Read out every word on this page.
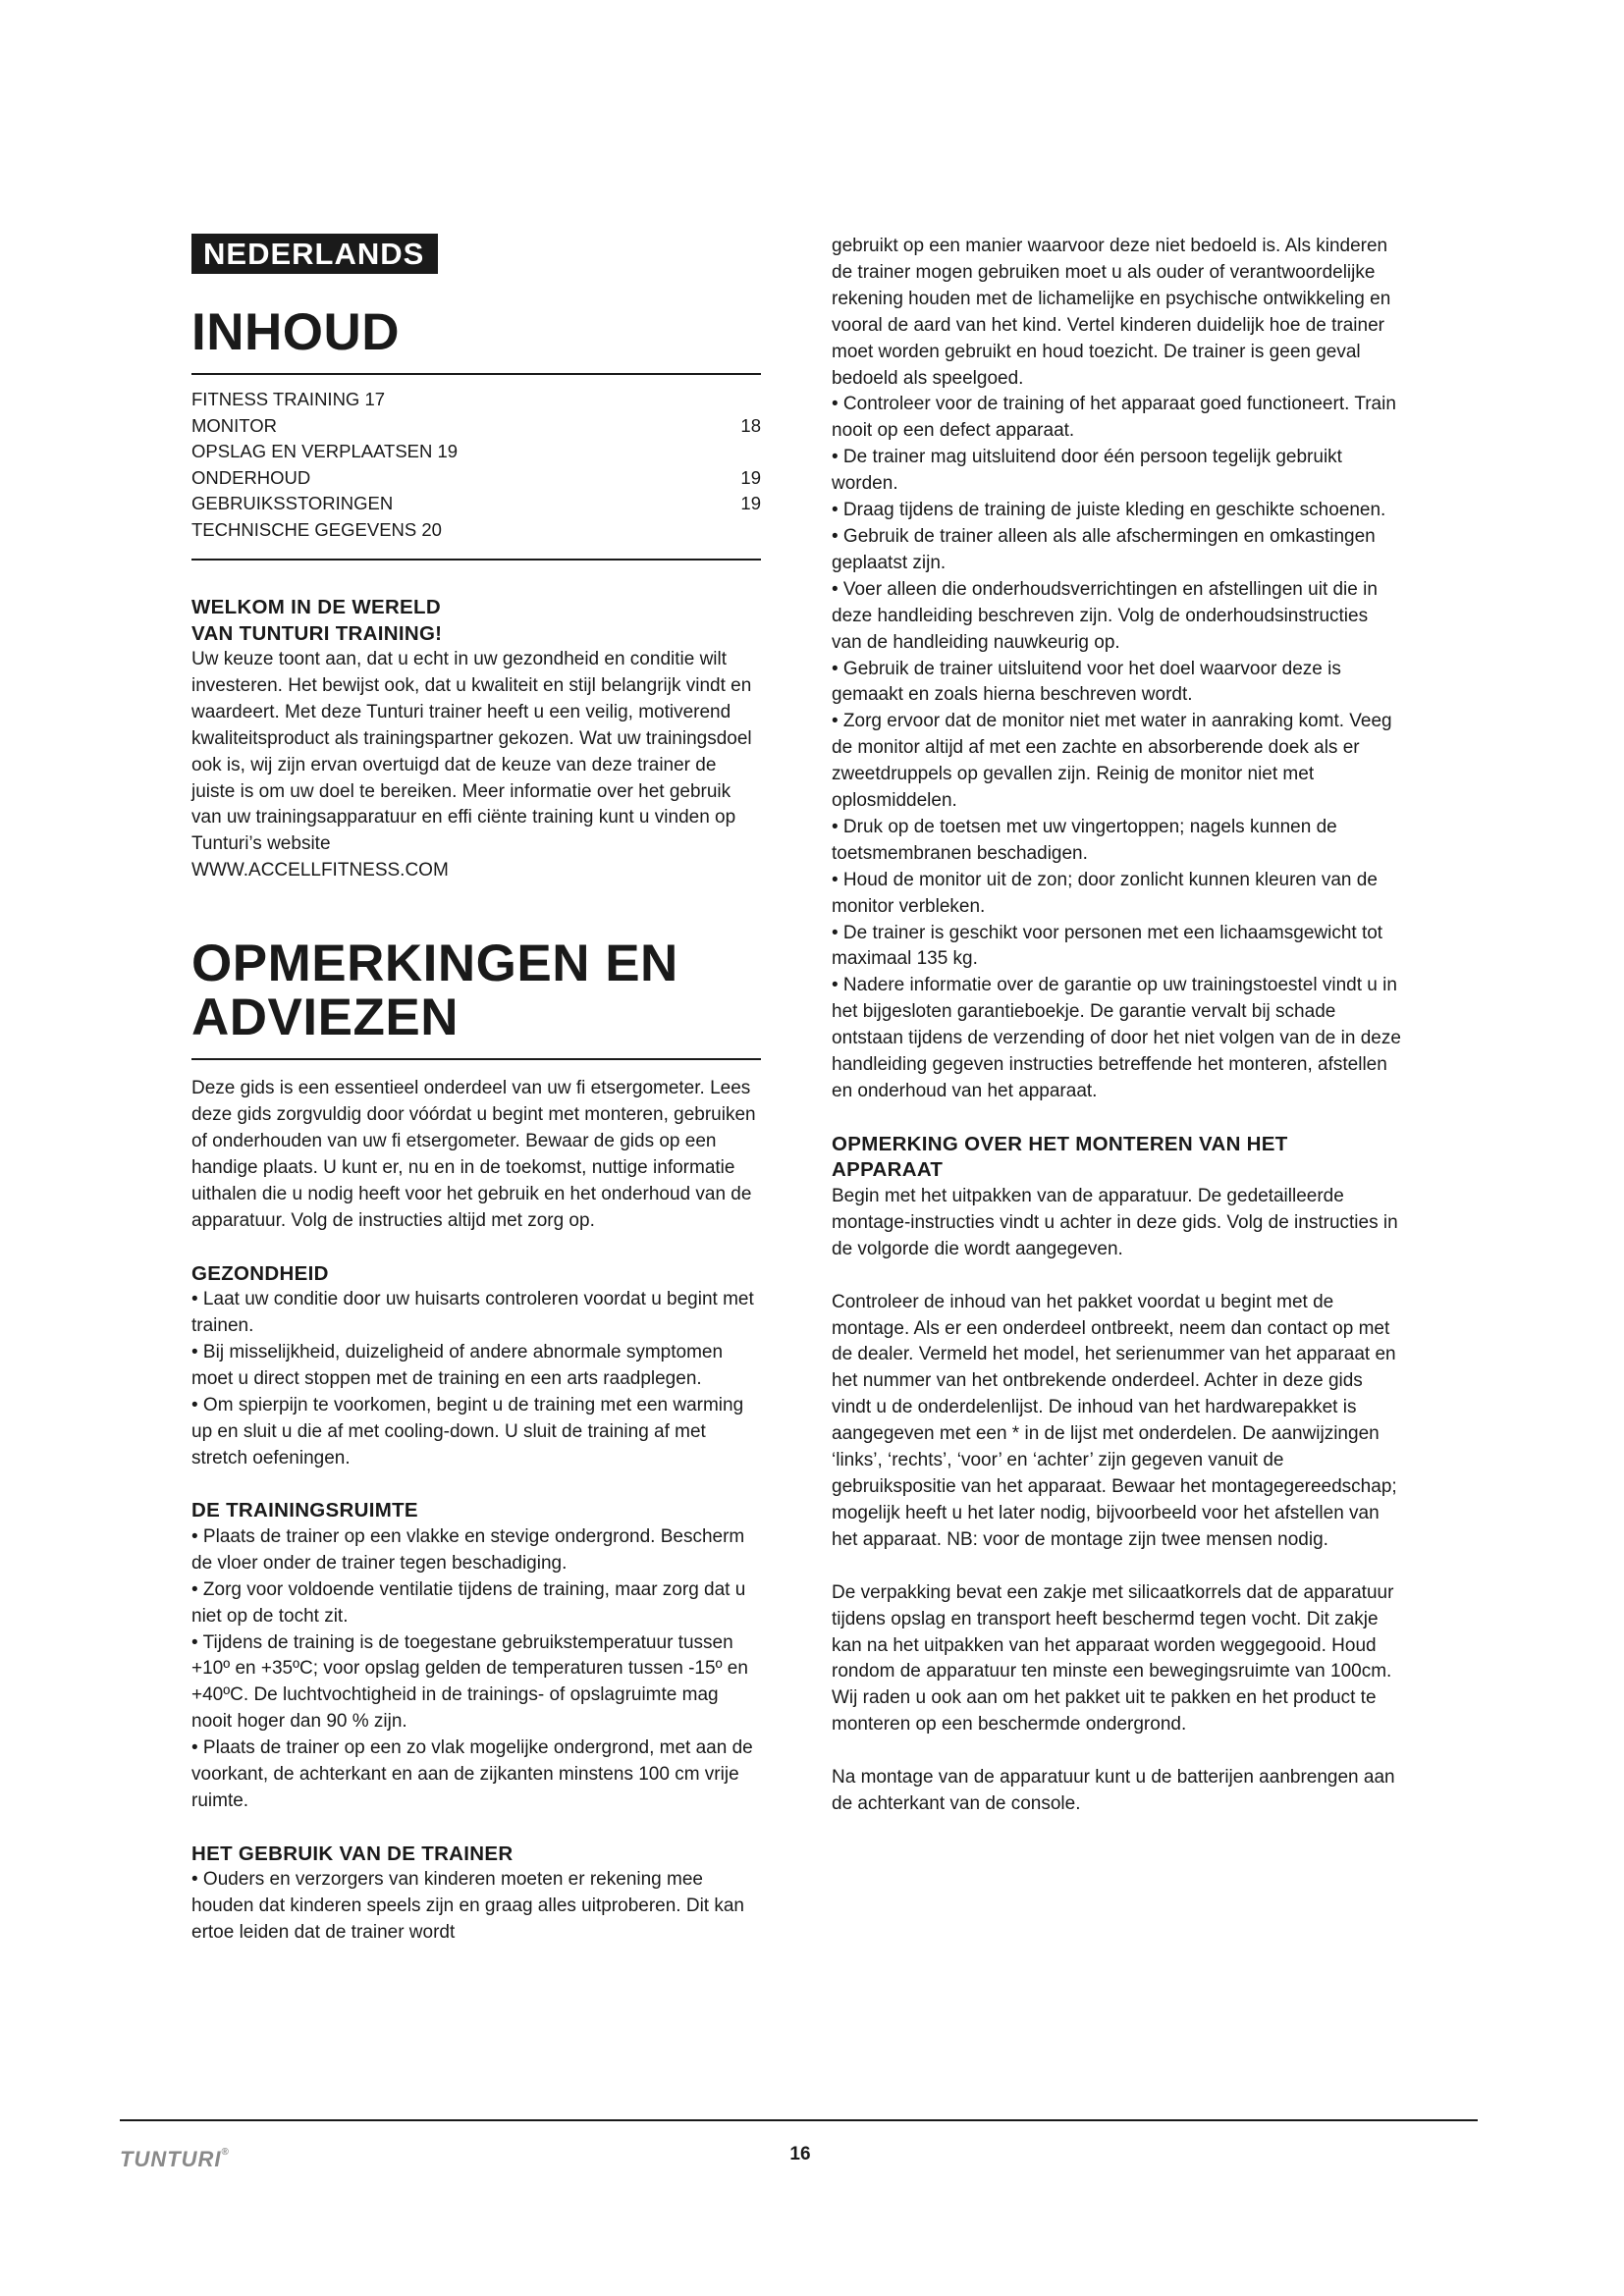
NEDERLANDS
INHOUD
FITNESS TRAINING 17
MONITOR	18
OPSLAG EN VERPLAATSEN 19
ONDERHOUD	19
GEBRUIKSSTORINGEN	19
TECHNISCHE GEGEVENS 20
WELKOM IN DE WERELD
VAN TUNTURI TRAINING!

Uw keuze toont aan, dat u echt in uw gezondheid en conditie wilt investeren. Het bewijst ook, dat u kwaliteit en stijl belangrijk vindt en waardeert. Met deze Tunturi trainer heeft u een veilig, motiverend kwaliteitsproduct als trainingspartner gekozen. Wat uw trainingsdoel ook is, wij zijn ervan overtuigd dat de keuze van deze trainer de juiste is om uw doel te bereiken. Meer informatie over het gebruik van uw trainingsapparatuur en effi ciënte training kunt u vinden op Tunturi’s website

WWW.ACCELLFITNESS.COM

OPMERKINGEN EN
ADVIEZEN

Deze gids is een essentieel onderdeel van uw fi etsergometer. Lees deze gids zorgvuldig door vóórdat u begint met monteren, gebruiken of onderhouden van uw fi etsergometer. Bewaar de gids op een handige plaats. U kunt er, nu en in de toekomst, nuttige informatie uithalen die u nodig heeft voor het gebruik en het onderhoud van de apparatuur. Volg de instructies altijd met zorg op.

GEZONDHEID

• Laat uw conditie door uw huisarts controleren voordat u begint met trainen.

• Bij misselijkheid, duizeligheid of andere abnormale symptomen moet u direct stoppen met de training en een arts raadplegen.

• Om spierpijn te voorkomen, begint u de training met een warming up en sluit u die af met cooling-down. U sluit de training af met stretch oefeningen.

DE TRAININGSRUIMTE

• Plaats de trainer op een vlakke en stevige ondergrond. Bescherm de vloer onder de trainer tegen beschadiging.

• Zorg voor voldoende ventilatie tijdens de training, maar zorg dat u niet op de tocht zit.

• Tijdens de training is de toegestane gebruikstemperatuur tussen +10º en +35ºC; voor opslag gelden de temperaturen tussen -15º en +40ºC. De luchtvochtigheid in de trainings- of opslagruimte mag nooit hoger dan 90 % zijn.

• Plaats de trainer op een zo vlak mogelijke ondergrond, met aan de voorkant, de achterkant en aan de zijkanten minstens 100 cm vrije ruimte.

HET GEBRUIK VAN DE TRAINER

• Ouders en verzorgers van kinderen moeten er rekening mee houden dat kinderen speels zijn en graag alles uitproberen. Dit kan ertoe leiden dat de trainer wordt

gebruikt op een manier waarvoor deze niet bedoeld is. Als kinderen de trainer mogen gebruiken moet u als ouder of verantwoordelijke rekening houden met de lichamelijke en psychische ontwikkeling en vooral de aard van het kind. Vertel kinderen duidelijk hoe de trainer moet worden gebruikt en houd toezicht. De trainer is geen geval bedoeld als speelgoed.

• Controleer voor de training of het apparaat goed functioneert. Train nooit op een defect apparaat.

• De trainer mag uitsluitend door één persoon tegelijk gebruikt worden.

• Draag tijdens de training de juiste kleding en geschikte schoenen.

• Gebruik de trainer alleen als alle afschermingen en omkastingen geplaatst zijn.

• Voer alleen die onderhoudsverrichtingen en afstellingen uit die in deze handleiding beschreven zijn. Volg de onderhoudsinstructies van de handleiding nauwkeurig op.

• Gebruik de trainer uitsluitend voor het doel waarvoor deze is gemaakt en zoals hierna beschreven wordt.

• Zorg ervoor dat de monitor niet met water in aanraking komt. Veeg de monitor altijd af met een zachte en absorberende doek als er zweetdruppels op gevallen zijn. Reinig de monitor niet met oplosmiddelen.

• Druk op de toetsen met uw vingertoppen; nagels kunnen de toetsmembranen beschadigen.

• Houd de monitor uit de zon; door zonlicht kunnen kleuren van de monitor verbleken.

• De trainer is geschikt voor personen met een lichaamsgewicht tot maximaal 135 kg.

• Nadere informatie over de garantie op uw trainingstoestel vindt u in het bijgesloten garantieboekje. De garantie vervalt bij schade ontstaan tijdens de verzending of door het niet volgen van de in deze handleiding gegeven instructies betreffende het monteren, afstellen en onderhoud van het apparaat.

OPMERKING OVER HET MONTEREN VAN HET
APPARAAT

Begin met het uitpakken van de apparatuur. De gedetailleerde montage-instructies vindt u achter in deze gids. Volg de instructies in de volgorde die wordt aangegeven.

Controleer de inhoud van het pakket voordat u begint met de montage. Als er een onderdeel ontbreekt, neem dan contact op met de dealer. Vermeld het model, het serienummer van het apparaat en het nummer van het ontbrekende onderdeel. Achter in deze gids vindt u de onderdelenlijst. De inhoud van het hardwarepakket is aangegeven met een * in de lijst met onderdelen. De aanwijzingen ‘links’, ‘rechts’, ‘voor’ en ‘achter’ zijn gegeven vanuit de gebruikspositie van het apparaat. Bewaar het montagegereedschap; mogelijk heeft u het later nodig, bijvoorbeeld voor het afstellen van het apparaat. NB: voor de montage zijn twee mensen nodig.

De verpakking bevat een zakje met silicaatkorrels dat de apparatuur tijdens opslag en transport heeft beschermd tegen vocht. Dit zakje kan na het uitpakken van het apparaat worden weggegooid. Houd rondom de apparatuur ten minste een bewegingsruimte van 100cm. Wij raden u ook aan om het pakket uit te pakken en het product te monteren op een beschermde ondergrond.

Na montage van de apparatuur kunt u de batterijen aanbrengen aan de achterkant van de console.

TUNTURI®	16
